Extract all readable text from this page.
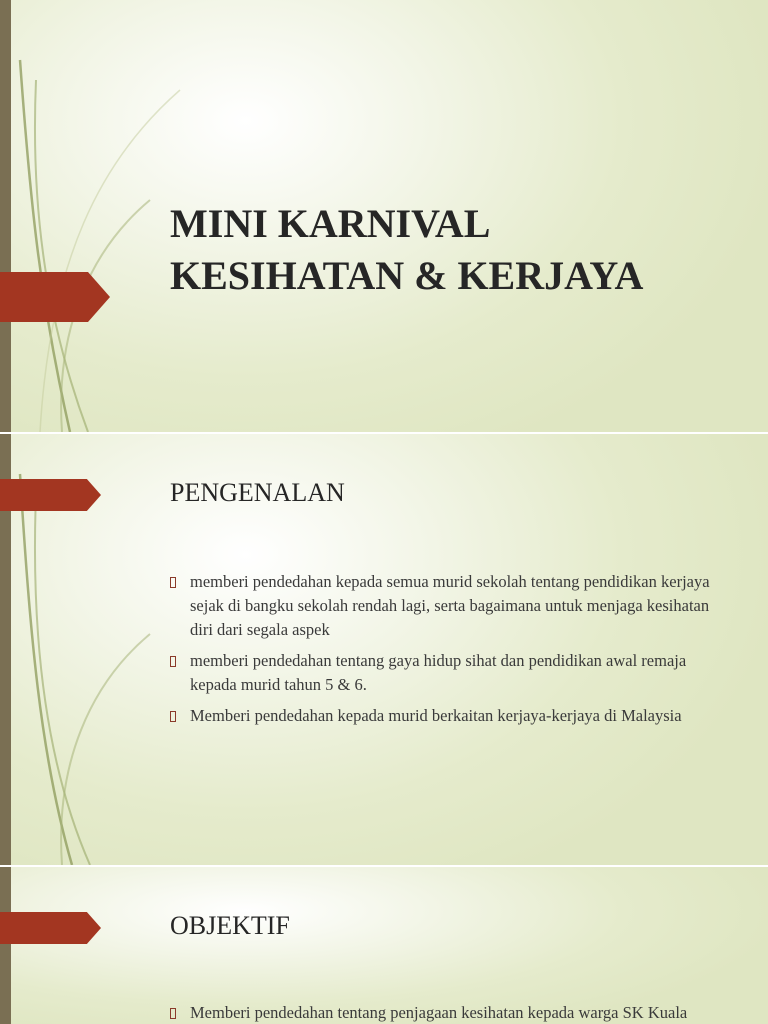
MINI KARNIVAL
KESIHATAN & KERJAYA
PENGENALAN
memberi pendedahan kepada semua murid sekolah tentang pendidikan kerjaya sejak di bangku sekolah rendah lagi, serta bagaimana untuk menjaga kesihatan diri dari segala aspek
memberi pendedahan tentang gaya hidup sihat dan pendidikan awal remaja kepada murid tahun 5 & 6.
Memberi pendedahan kepada murid berkaitan kerjaya-kerjaya di Malaysia
OBJEKTIF
Memberi pendedahan tentang penjagaan kesihatan kepada warga SK Kuala
